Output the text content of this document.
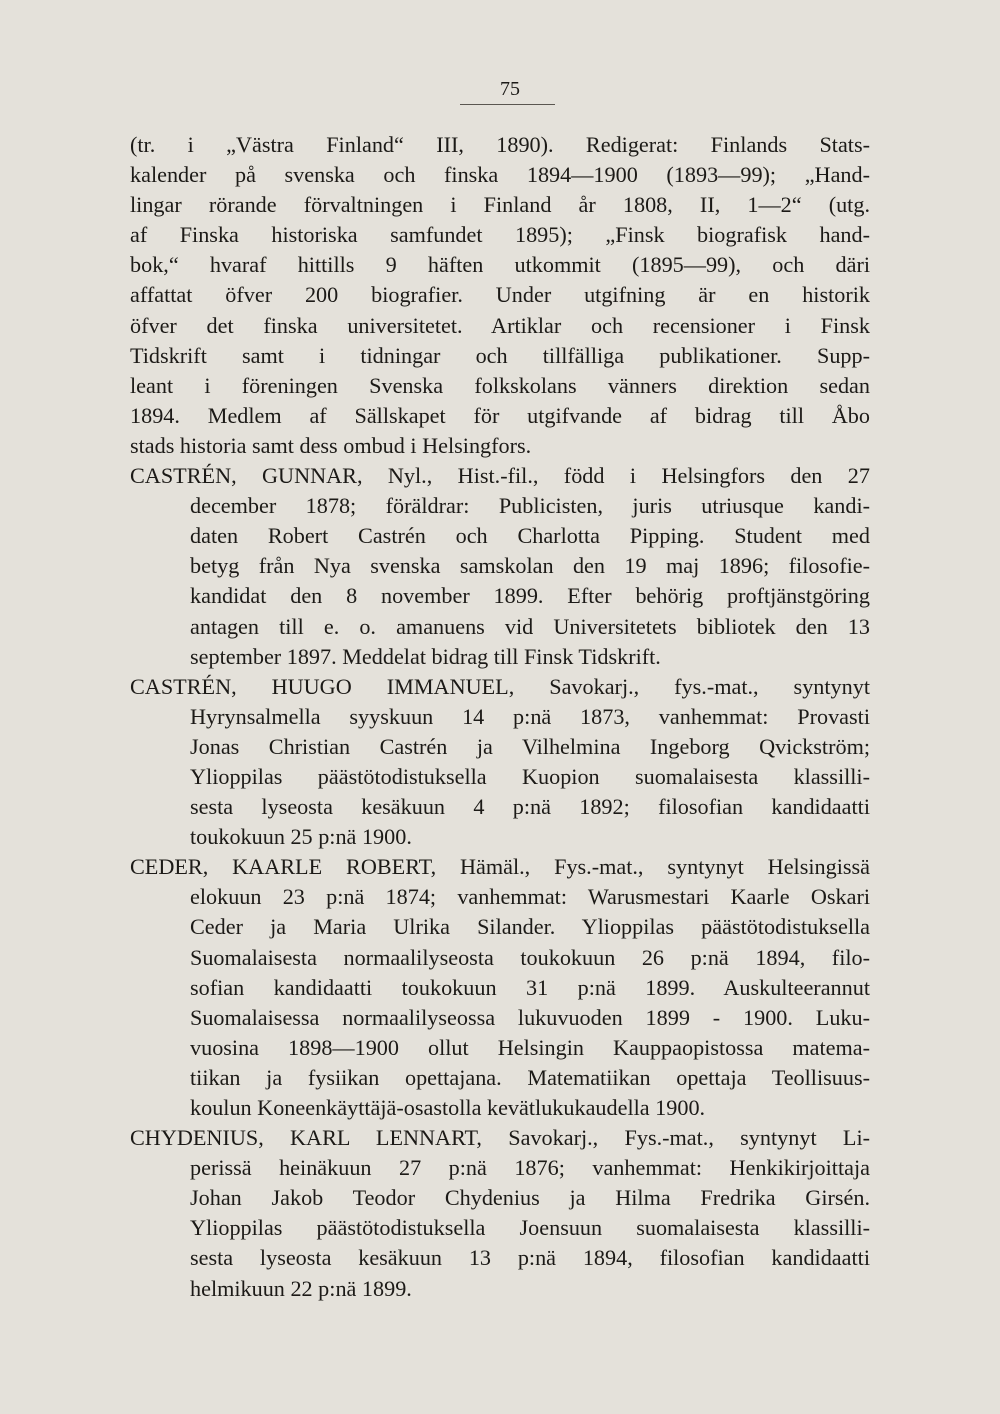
75
(tr. i „Västra Finland“ III, 1890). Redigerat: Finlands Stats-
kalender på svenska och finska 1894—1900 (1893—99); „Hand-
lingar rörande förvaltningen i Finland år 1808, II, 1—2“ (utg.
af Finska historiska samfundet 1895); „Finsk biografisk hand-
bok,“ hvaraf hittills 9 häften utkommit (1895—99), och däri
affattat öfver 200 biografier. Under utgifning är en historik
öfver det finska universitetet. Artiklar och recensioner i Finsk
Tidskrift samt i tidningar och tillfälliga publikationer. Supp-
leant i föreningen Svenska folkskolans vänners direktion sedan
1894. Medlem af Sällskapet för utgifvande af bidrag till Åbo
stads historia samt dess ombud i Helsingfors.
CASTRÉN, GUNNAR, Nyl., Hist.-fil., född i Helsingfors den 27
december 1878; föräldrar: Publicisten, juris utriusque kandi-
daten Robert Castrén och Charlotta Pipping. Student med
betyg från Nya svenska samskolan den 19 maj 1896; filosofie-
kandidat den 8 november 1899. Efter behörig proftjänstgöring
antagen till e. o. amanuens vid Universitetets bibliotek den 13
september 1897. Meddelat bidrag till Finsk Tidskrift.
CASTRÉN, HUUGO IMMANUEL, Savokarj., fys.-mat., syntynyt
Hyrynsalmella syyskuun 14 p:nä 1873, vanhemmat: Provasti
Jonas Christian Castrén ja Vilhelmina Ingeborg Qvickström;
Ylioppilas päästötodistuksella Kuopion suomalaisesta klassilli-
sesta lyseosta kesäkuun 4 p:nä 1892; filosofian kandidaatti
toukokuun 25 p:nä 1900.
CEDER, KAARLE ROBERT, Hämäl., Fys.-mat., syntynyt Helsingissä
elokuun 23 p:nä 1874; vanhemmat: Warusmestari Kaarle Oskari
Ceder ja Maria Ulrika Silander. Ylioppilas päästötodistuksella
Suomalaisesta normaalilyseosta toukokuun 26 p:nä 1894, filo-
sofian kandidaatti toukokuun 31 p:nä 1899. Auskulteerannut
Suomalaisessa normaalilyseossa lukuvuoden 1899 - 1900. Luku-
vuosina 1898—1900 ollut Helsingin Kauppaopistossa matema-
tiikan ja fysiikan opettajana. Matematiikan opettaja Teollisuus-
koulun Koneenkäyttäjä-osastolla kevätlukukaudella 1900.
CHYDENIUS, KARL LENNART, Savokarj., Fys.-mat., syntynyt Li-
perissä heinäkuun 27 p:nä 1876; vanhemmat: Henkikirjoittaja
Johan Jakob Teodor Chydenius ja Hilma Fredrika Girsén.
Ylioppilas päästötodistuksella Joensuun suomalaisesta klassilli-
sesta lyseosta kesäkuun 13 p:nä 1894, filosofian kandidaatti
helmikuun 22 p:nä 1899.
